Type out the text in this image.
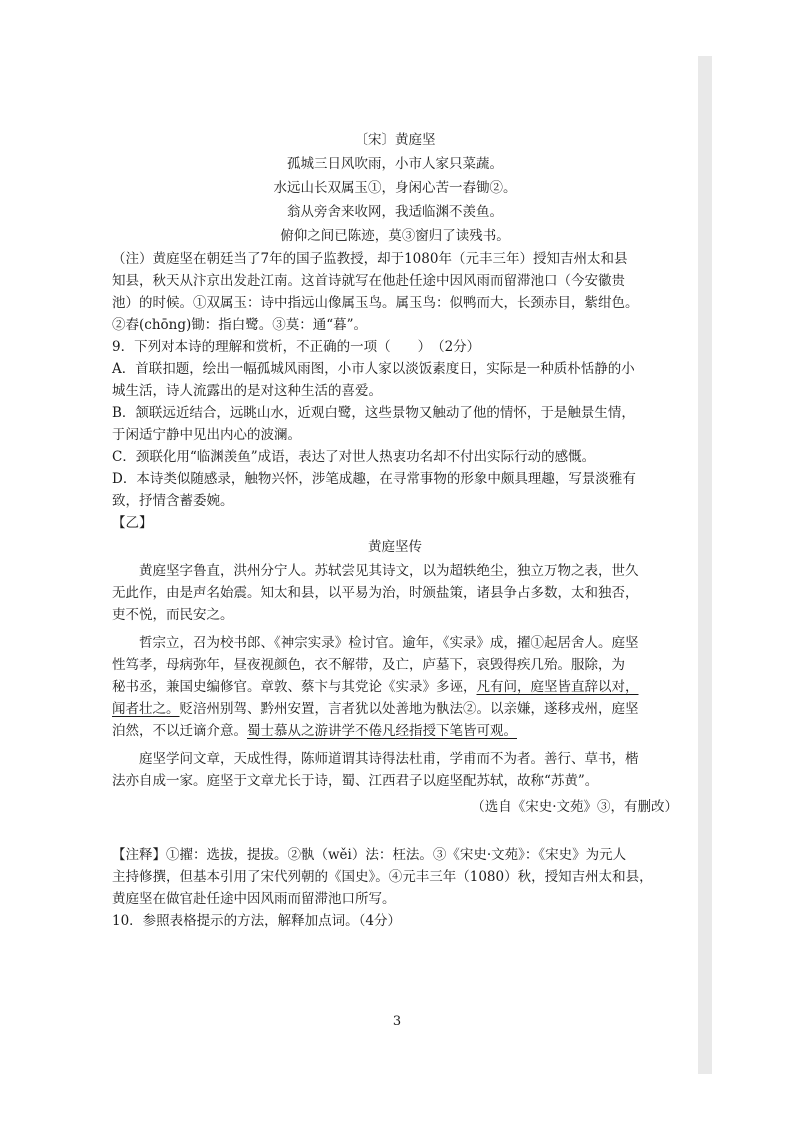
〔宋〕黄庭坚
孤城三日风吹雨，小市人家只菜蔬。
水远山长双属玉①，身闲心苦一舂锄②。
翁从旁舍来收网，我适临渊不羡鱼。
俯仰之间已陈迹，莫③窗归了读残书。
（注）黄庭坚在朝廷当了7年的国子监教授，却于1080年（元丰三年）授知吉州太和县
知县，秋天从汴京出发赴江南。这首诗就写在他赴任途中因风雨而留滞池口（今安徽贵
池）的时候。①双属玉：诗中指远山像属玉鸟。属玉鸟：似鸭而大，长颈赤目，紫绀色。
②舂(chōng)锄：指白鹭。③莫：通“暮”。
9．下列对本诗的理解和赏析，不正确的一项（　　）　（2分）
A．首联扣题，绘出一幅孤城风雨图，小市人家以淡饭素度日，实际是一种质朴恬静的小
城生活，诗人流露出的是对这种生活的喜爱。
B．颔联远近结合，远眺山水，近观白鹭，这些景物又触动了他的情怀，于是触景生情，
于闲适宁静中见出内心的波澜。
C．颈联化用“临渊羡鱼”成语，表达了对世人热衷功名却不付出实际行动的感慨。
D．本诗类似随感录，触物兴怀，涉笔成趣，在寻常事物的形象中颇具理趣，写景淡雅有
致，抒情含蓄委婉。
【乙】
黄庭坚传
黄庭坚字鲁直，洪州分宁人。苏轼尝见其诗文，以为超轶绝尘，独立万物之表，世久
无此作，由是声名始震。知太和县，以平易为治，时颁盐策，诸县争占多数，太和独否，
吏不悦，而民安之。
哲宗立，召为校书郎、《神宗实录》检讨官。逾年，《实录》成，擢①起居舍人。庭坚
性笃孝，母病弥年，昼夜视颜色，衣不解带，及亡，庐墓下，哀毁得疾几殆。服除，为
秘书丞，兼国史编修官。章敦、蔡卞与其党论《实录》多诬，凡有问，庭坚皆直辞以对，
闻者壮之。贬涪州别驾、黔州安置，言者犹以处善地为骫法②。以亲嫌，遂移戎州，庭坚
泊然，不以迁谪介意。蜀士慕从之游讲学不倦凡经指授下笔皆可观。
庭坚学问文章，天成性得，陈师道谓其诗得法杜甫，学甫而不为者。善行、草书，楷
法亦自成一家。庭坚于文章尤长于诗，蜀、江西君子以庭坚配苏轼，故称“苏黄”。
（选自《宋史·文苑》③，有删改）
【注释】①擢：选拔，提拔。②骫（wěi）法：枉法。③《宋史·文苑》：《宋史》为元人
主持修撰，但基本引用了宋代列朝的《国史》。④元丰三年（1080）秋，授知吉州太和县，
黄庭坚在做官赴任途中因风雨而留滞池口所写。
10．参照表格提示的方法，解释加点词。（4分）
3
